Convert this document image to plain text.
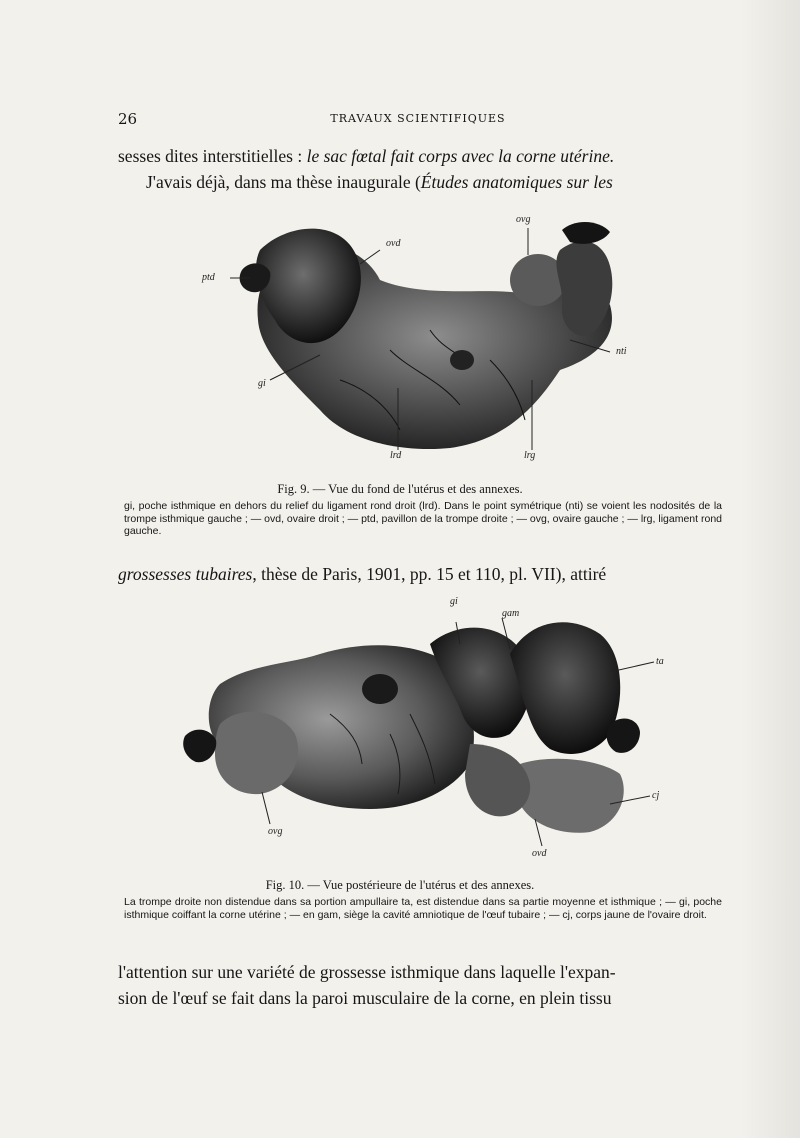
26	TRAVAUX SCIENTIFIQUES
sesses dites interstitielles : le sac fœtal fait corps avec la corne utérine.
J'avais déjà, dans ma thèse inaugurale (Études anatomiques sur les
ovd
ovg
ptd
nti
gi
lrd	lrg
Fig. 9. — Vue du fond de l'utérus et des annexes.
gi, poche isthmique en dehors du relief du ligament rond droit (lrd). Dans le point symétrique (nti) se voient les nodosités de la trompe isthmique gauche ; — ovd, ovaire droit ; — ptd, pavillon de la trompe droite ; — ovg, ovaire gauche ; — lrg, ligament rond gauche.
grossesses tubaires, thèse de Paris, 1901, pp. 15 et 110, pl. VII), attiré
gi
gam
ta
cj
ovg
ovd
Fig. 10. — Vue postérieure de l'utérus et des annexes.
La trompe droite non distendue dans sa portion ampullaire ta, est distendue dans sa partie moyenne et isthmique ; — gi, poche isthmique coiffant la corne utérine ; — en gam, siège la cavité amniotique de l'œuf tubaire ; — cj, corps jaune de l'ovaire droit.
l'attention sur une variété de grossesse isthmique dans laquelle l'expan-
sion de l'œuf se fait dans la paroi musculaire de la corne, en plein tissu
